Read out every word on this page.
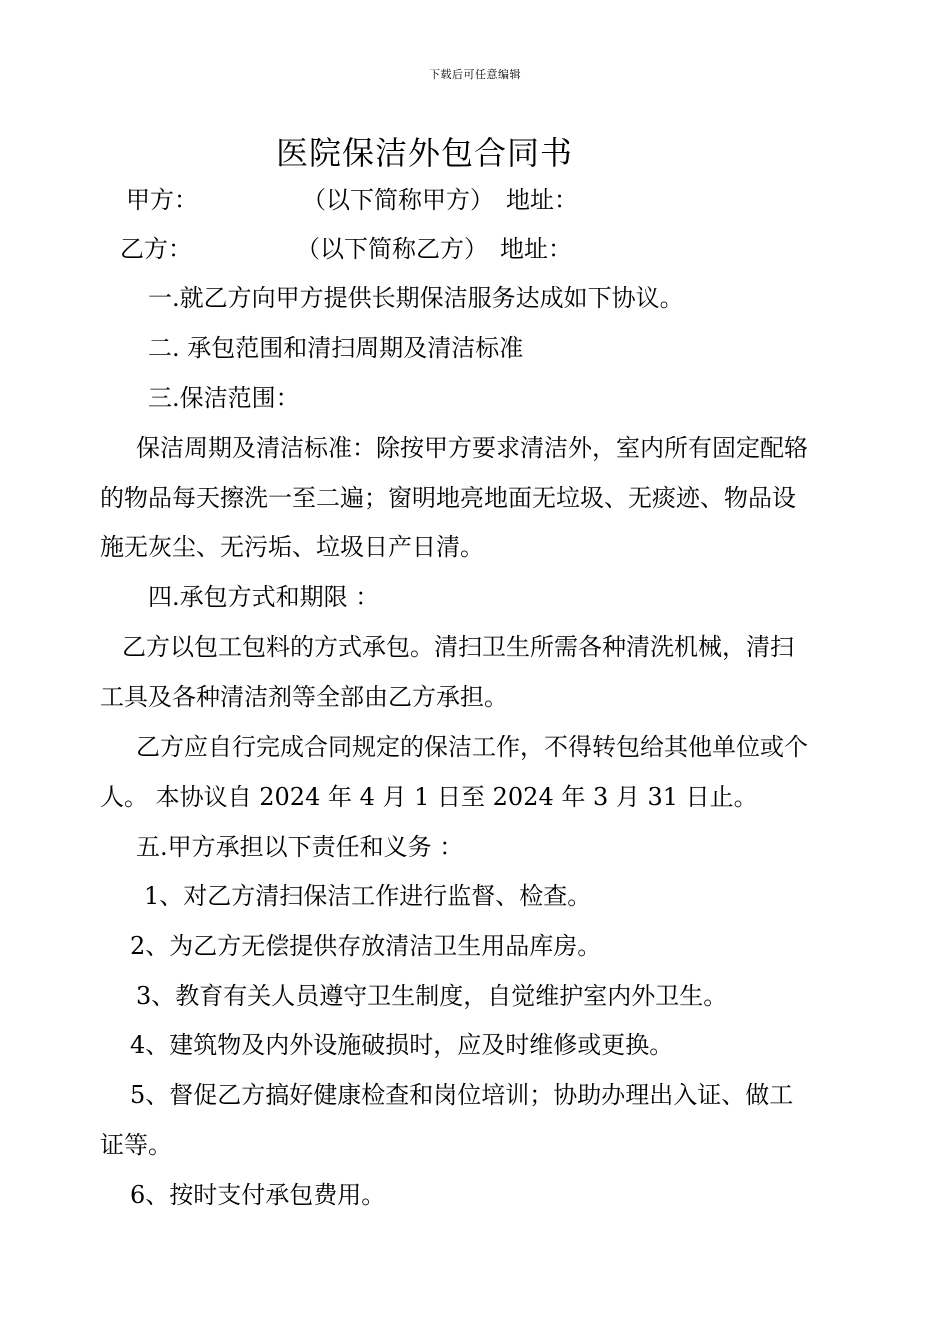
下载后可任意编辑
医院保洁外包合同书
甲方：	（以下简称甲方） 地址：
乙方：	（以下简称乙方） 地址：
一.就乙方向甲方提供长期保洁服务达成如下协议。
二. 承包范围和清扫周期及清洁标准
三.保洁范围：
保洁周期及清洁标准：除按甲方要求清洁外，室内所有固定配辂
的物品每天擦洗一至二遍；窗明地亮地面无垃圾、无痰迹、物品设
施无灰尘、无污垢、垃圾日产日清。
四.承包方式和期限 ：
乙方以包工包料的方式承包。清扫卫生所需各种清洗机械，清扫
工具及各种清洁剂等全部由乙方承担。
乙方应自行完成合同规定的保洁工作，不得转包给其他单位或个
人。 本协议自 2024 年 4 月 1 日至 2024 年 3 月 31 日止。
五.甲方承担以下责任和义务 ：
1、对乙方清扫保洁工作进行监督、检查。
2、为乙方无偿提供存放清洁卫生用品库房。
3、教育有关人员遵守卫生制度，自觉维护室内外卫生。
4、建筑物及内外设施破损时，应及时维修或更换。
5、督促乙方搞好健康检查和岗位培训；协助办理出入证、做工
证等。
6、按时支付承包费用。
